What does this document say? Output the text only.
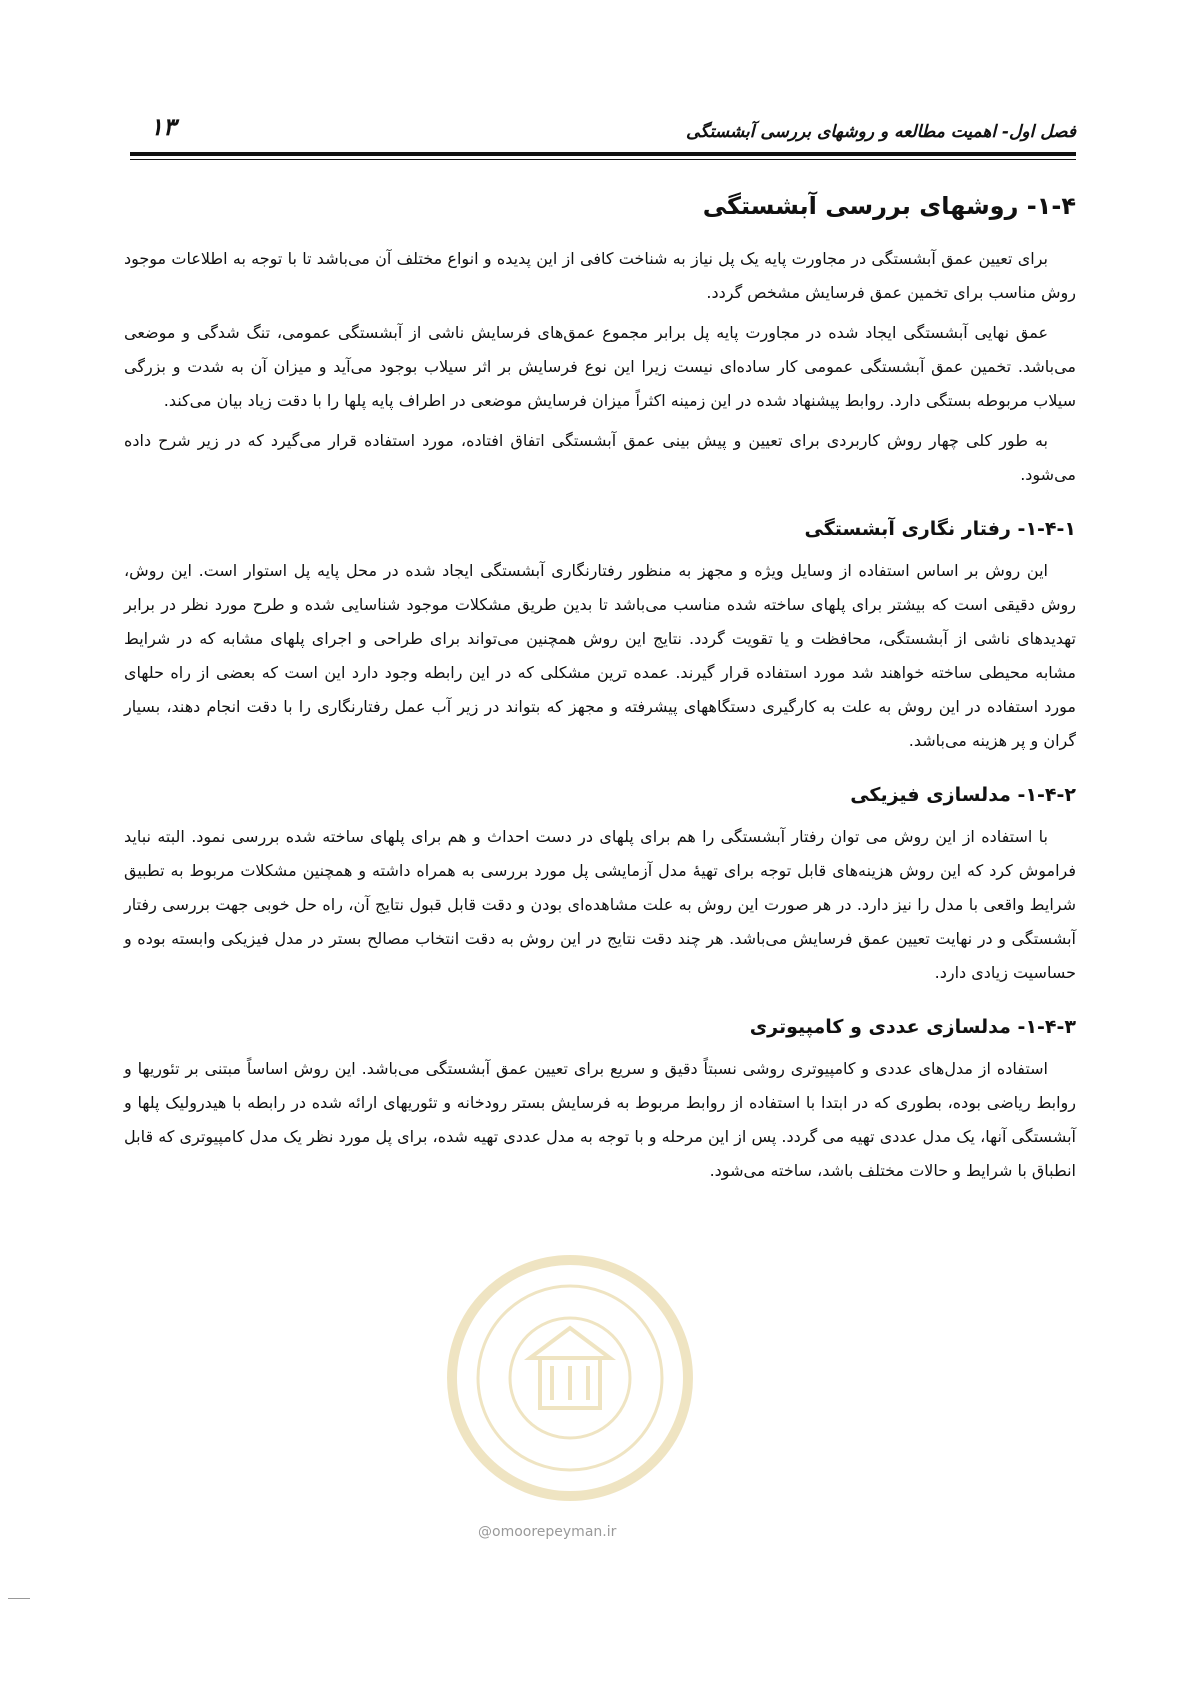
۱۳	فصل اول- اهمیت مطالعه و روشهای بررسی آبشستگی
۱-۴- روشهای بررسی آبشستگی

برای تعیین عمق آبشستگی در مجاورت پایه یک پل نیاز به شناخت کافی از این پدیده و انواع مختلف آن می‌باشد تا با توجه به اطلاعات موجود روش مناسب برای تخمین عمق فرسایش مشخص گردد.

عمق نهایی آبشستگی ایجاد شده در مجاورت پایه پل برابر مجموع عمق‌های فرسایش ناشی از آبشستگی عمومی، تنگ شدگی و موضعی می‌باشد. تخمین عمق آبشستگی عمومی کار ساده‌ای نیست زیرا این نوع فرسایش بر اثر سیلاب بوجود می‌آید و میزان آن به شدت و بزرگی سیلاب مربوطه بستگی دارد. روابط پیشنهاد شده در این زمینه اکثراً میزان فرسایش موضعی در اطراف پایه پلها را با دقت زیاد بیان می‌کند.

به طور کلی چهار روش کاربردی برای تعیین و پیش بینی عمق آبشستگی اتفاق افتاده، مورد استفاده قرار می‌گیرد که در زیر شرح داده می‌شود.

۱-۴-۱- رفتار نگاری آبشستگی

این روش بر اساس استفاده از وسایل ویژه و مجهز به منظور رفتارنگاری آبشستگی ایجاد شده در محل پایه پل استوار است. این روش، روش دقیقی است که بیشتر برای پلهای ساخته شده مناسب می‌باشد تا بدین طریق مشکلات موجود شناسایی شده و طرح مورد نظر در برابر تهدیدهای ناشی از آبشستگی، محافظت و یا تقویت گردد. نتایج این روش همچنین می‌تواند برای طراحی و اجرای پلهای مشابه که در شرایط مشابه محیطی ساخته خواهند شد مورد استفاده قرار گیرند. عمده ترین مشکلی که در این رابطه وجود دارد این است که بعضی از راه حلهای مورد استفاده در این روش به علت به کارگیری دستگاههای پیشرفته و مجهز که بتواند در زیر آب عمل رفتارنگاری را با دقت انجام دهند، بسیار گران و پر هزینه می‌باشد.

۱-۴-۲- مدلسازی فیزیکی

با استفاده از این روش می توان رفتار آبشستگی را هم برای پلهای در دست احداث و هم برای پلهای ساخته شده بررسی نمود. البته نباید فراموش کرد که این روش هزینه‌های قابل توجه برای تهیهٔ مدل آزمایشی پل مورد بررسی به همراه داشته و همچنین مشکلات مربوط به تطبیق شرایط واقعی با مدل را نیز دارد. در هر صورت این روش به علت مشاهده‌ای بودن و دقت قابل قبول نتایج آن، راه حل خوبی جهت بررسی رفتار آبشستگی و در نهایت تعیین عمق فرسایش می‌باشد. هر چند دقت نتایج در این روش به دقت انتخاب مصالح بستر در مدل فیزیکی وابسته بوده و حساسیت زیادی دارد.

۱-۴-۳- مدلسازی عددی و کامپیوتری

استفاده از مدل‌های عددی و کامپیوتری روشی نسبتاً دقیق و سریع برای تعیین عمق آبشستگی می‌باشد. این روش اساساً مبتنی بر تئوریها و روابط ریاضی بوده، بطوری که در ابتدا با استفاده از روابط مربوط به فرسایش بستر رودخانه و تئوریهای ارائه شده در رابطه با هیدرولیک پلها و آبشستگی آنها، یک مدل عددی تهیه می گردد. پس از این مرحله و با توجه به مدل عددی تهیه شده، برای پل مورد نظر یک مدل کامپیوتری که قابل انطباق با شرایط و حالات مختلف باشد، ساخته می‌شود.

@omoorepeyman.ir
